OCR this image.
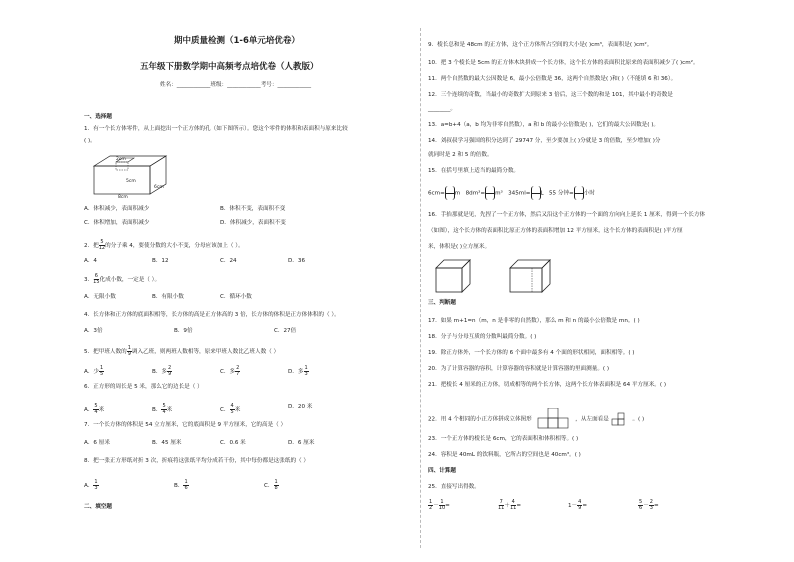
期中质量检测（1-6单元培优卷）
五年级下册数学期中高频考点培优卷（人教版）
姓名：____________班级：____________考号：____________
一、选择题
1．有一个长方体零件，从上面挖出一个正方体的孔（如下图所示）。您这个零件的体积和表面积与原来比较
( )。
2cm
5cm
8cm
6cm
A．体积减少，表面积减少	B．体积不变，表面积不变
C．体积增加，表面积减少	D．体积减少，表面积不变
2．把 $\frac{5}{12}$ 的分子乘 4，要使分数的大小不变，分母应该加上（ ）。
A．4	B．12	C．24	D．36
3． $\frac{6}{15}$ 化成小数，一定是（ ）。
A．无限小数	B．有限小数	C．循环小数
4．长方体和正方体的底面积相等，长方体的高是正方体高的 3 倍，长方体的体积是正方体体积的（ ）。
A．3倍	B．9倍	C．27倍
5．把甲班人数的 $\frac{1}{9}$ 调入乙班，则两班人数相等，原来甲班人数比乙班人数（ ）
A．少 $\frac{1}{5}$	B．多 $\frac{2}{9}$	C．多 $\frac{2}{7}$	D．多 $\frac{1}{3}$
6．正方形的周长是 5 米，那么它的边长是（ ）
A． $\frac{5}{4}$ 米	B． $\frac{5}{4}$ 米	C． $\frac{4}{5}$ 米	D．20 米
7．一个长方体的体积是 54 立方厘米，它的底面积是 9 平方厘米，它的高是（ ）
A．6 厘米	B．45 厘米	C．0.6 米	D．6 厘米
8．把一张正方形纸对折 3 次，折痕将这张纸平均分成若干份，其中每份都是这张纸的（ ）
A． $\frac{1}{3}$	B． $\frac{1}{6}$	C． $\frac{1}{8}$
二、填空题
9．棱长总和是 48cm 的正方体，这个正方体所占空间的大小是( )cm³，表面积是( )cm²。
10．把 3 个棱长是 5cm 的正方体木块拼成一个长方体，这个长方体的表面积比原来的表面积减少了( )cm²。
11．两个自然数的最大公因数是 6，最小公倍数是 36，这两个自然数是( )和( )（不能填 6 和 36）。
12．三个连续的奇数，当最小的奇数扩大到原来 3 倍后，这三个数的和是 101，其中最小的奇数是
________。
13．a=b+4（a，b 均为非零自然数），a 和 b 的最小公倍数是( )，它们的最大公因数是( )。
14．刘叔叔学习强国的积分达到了 29747 分，至少要加上( )分就是 3 的倍数，至少增加( )分
就同时是 2 和 5 的倍数。
15．在括号里填上适当的最简分数。
6cm= m 8dm³= m³ 345ml= L 55 分钟= 小时
16．手抬那就是见，先捏了一个正方体，然后又沿这个正方体的一个面的方向向上延长 1 厘米，得到一个长方体
（如图），这个长方体的表面积比原正方体的表面积增加 12 平方厘米，这个长方体的表面积是( )平方厘
米，体积是( )立方厘米。
三、判断题
17．如果 m+1=n（m，n 是非零的自然数），那么 m 和 n 的最小公倍数是 mn。( )
18．分子与分母互质的分数叫最简分数。( )
19．除正方体外，一个长方体的 6 个面中最多有 4 个面的形状相同，面积相等。( )
20．为了计算容器的容积，计算容器的容积就是计算容器的里面测量。( )
21．把棱长 4 厘米的正方体，切成相等的两个长方体，这两个长方体表面积是 64 平方厘米。( )
22．用 4 个相同的小正方体拼成立体图形	，从左面看是	。( )
23．一个正方体的棱长是 6cm，它的表面积和体积相等。( )
24．容积是 40mL 的饮料瓶，它所占的空间也是 40cm³。( )
四、计算题
25．直接写出得数。
$\frac{1}{2} - \frac{1}{10}$ =	$\frac{7}{11} + \frac{4}{11}$ =	$1- \frac{4}{9}$ =	$\frac{5}{6} - \frac{2}{3}$ =
